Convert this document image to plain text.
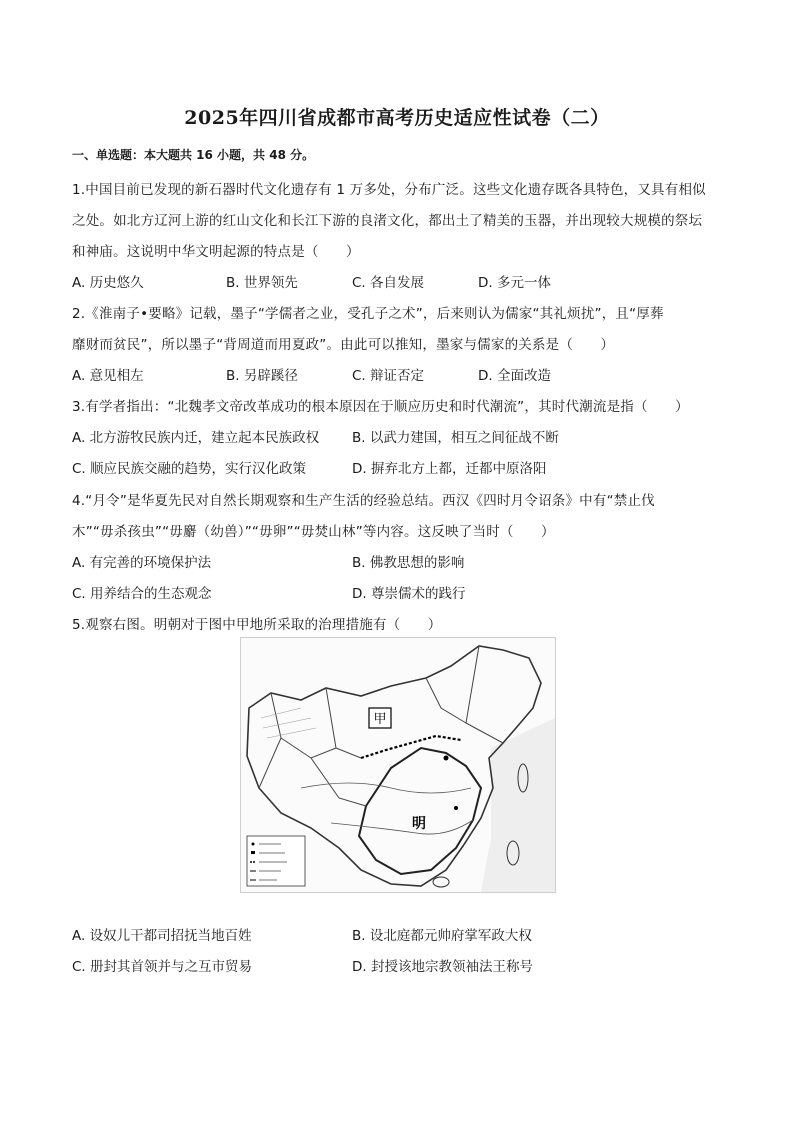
2025年四川省成都市高考历史适应性试卷（二）
一、单选题：本大题共 16 小题，共 48 分。
1.中国目前已发现的新石器时代文化遗存有 1 万多处，分布广泛。这些文化遗存既各具特色，又具有相似
之处。如北方辽河上游的红山文化和长江下游的良渚文化，都出土了精美的玉器，并出现较大规模的祭坛
和神庙。这说明中华文明起源的特点是（　　）
A. 历史悠久	B. 世界领先	C. 各自发展	D. 多元一体
2.《淮南子•要略》记载，墨子“学儒者之业，受孔子之术”，后来则认为儒家“其礼烦扰”，且“厚葬
靡财而贫民”，所以墨子“背周道而用夏政”。由此可以推知，墨家与儒家的关系是（　　）
A. 意见相左	B. 另辟蹊径	C. 辩证否定	D. 全面改造
3.有学者指出：“北魏孝文帝改革成功的根本原因在于顺应历史和时代潮流”，其时代潮流是指（　　）
A. 北方游牧民族内迁，建立起本民族政权 B. 以武力建国，相互之间征战不断
C. 顺应民族交融的趋势，实行汉化政策	D. 摒弃北方上都，迁都中原洛阳
4.“月令”是华夏先民对自然长期观察和生产生活的经验总结。西汉《四时月令诏条》中有“禁止伐
木”“毋杀孩虫”“毋麝（幼兽）”“毋卵”“毋焚山林”等内容。这反映了当时（　　）
A. 有完善的环境保护法	B. 佛教思想的影响
C. 用养结合的生态观念	D. 尊崇儒术的践行
5.观察右图。明朝对于图中甲地所采取的治理措施有（　　）
甲
明
A. 设奴儿干都司招抚当地百姓	B. 设北庭都元帅府掌军政大权
C. 册封其首领并与之互市贸易	D. 封授该地宗教领袖法王称号
